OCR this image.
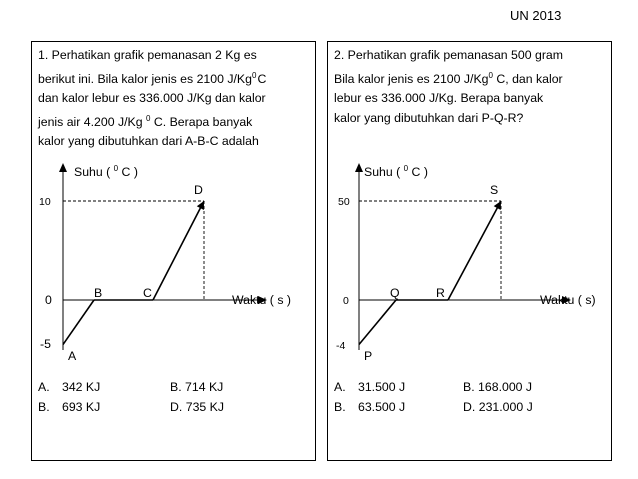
UN 2013

1. Perhatikan grafik pemanasan 2 Kg es

berikut ini. Bila kalor jenis es 2100 J/Kg$^0$ C

dan kalor lebur es 336.000 J/Kg dan kalor

jenis air 4.200 J/Kg $^0$ C. Berapa banyak

kalor yang dibutuhkan dari A-B-C adalah

Suhu ( $^0$ C )
Waktu ( s )
10
0
-5
A
B	C
D
A. 342 KJ	B. 714 KJ
B. 693 KJ	D. 735 KJ

2. Perhatikan grafik pemanasan 500 gram

Bila kalor jenis es 2100 J/Kg$^0$ C, dan kalor

lebur es 336.000 J/Kg. Berapa banyak

kalor yang dibutuhkan dari P-Q-R?

Suhu ( $^0$ C )
Waktu ( s)
50
0
-4
P
Q	R
S
A. 31.500 J	B. 168.000 J
B. 63.500 J	D. 231.000 J
